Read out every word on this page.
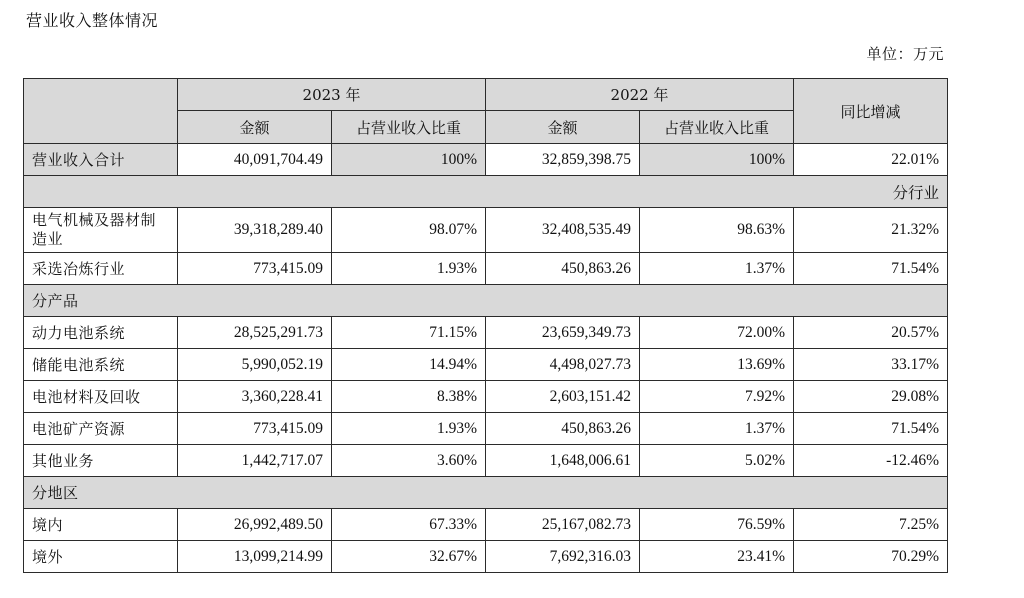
营业收入整体情况
单位：万元
	2023 年		2022 年		同比增减
	金额	占营业收入比重	金额	占营业收入比重	
营业收入合计	40,091,704.49	100%	32,859,398.75	100%	22.01%
分行业					
电气机械及器材制造业	39,318,289.40	98.07%	32,408,535.49	98.63%	21.32%
采选冶炼行业	773,415.09	1.93%	450,863.26	1.37%	71.54%
分产品					
动力电池系统	28,525,291.73	71.15%	23,659,349.73	72.00%	20.57%
储能电池系统	5,990,052.19	14.94%	4,498,027.73	13.69%	33.17%
电池材料及回收	3,360,228.41	8.38%	2,603,151.42	7.92%	29.08%
电池矿产资源	773,415.09	1.93%	450,863.26	1.37%	71.54%
其他业务	1,442,717.07	3.60%	1,648,006.61	5.02%	-12.46%
分地区					
境内	26,992,489.50	67.33%	25,167,082.73	76.59%	7.25%
境外	13,099,214.99	32.67%	7,692,316.03	23.41%	70.29%
